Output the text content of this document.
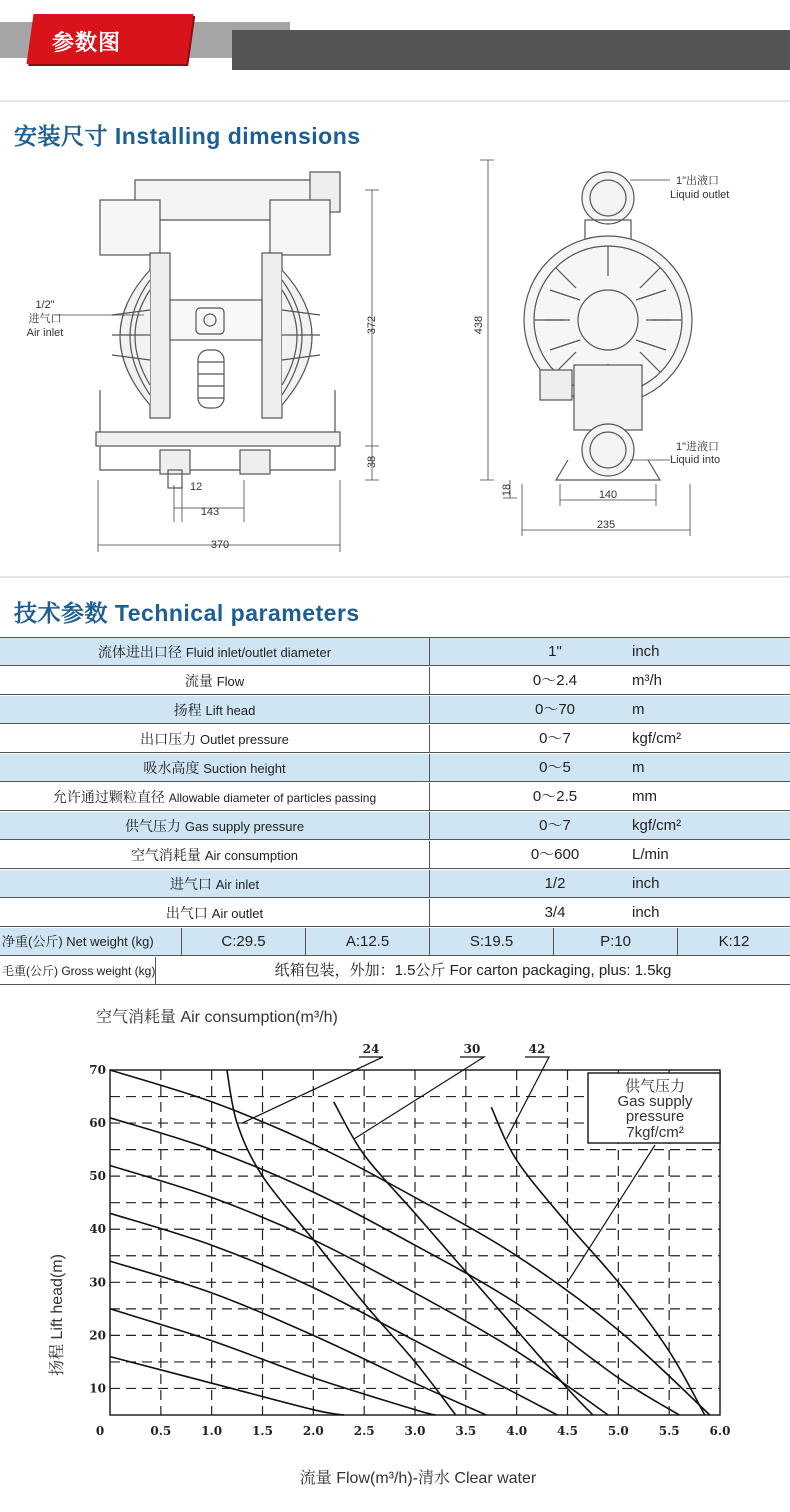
参数图
安装尺寸 Installing dimensions
1/2"
进气口
Air inlet	372
38
12
143
370
438
18	140
235
1"出液口
Liquid outlet
1"进液口
Liquid into
技术参数 Technical parameters
流体进出口径 Fluid inlet/outlet diameter	1"	inch
流量 Flow	0～2.4	m³/h
扬程 Lift head	0～70	m
出口压力 Outlet pressure	0～7	kgf/cm²
吸水高度 Suction height	0～5	m
允许通过颗粒直径 Allowable diameter of particles passing	0～2.5	mm
供气压力 Gas supply pressure	0～7	kgf/cm²
空气消耗量 Air consumption	0～600	L/min
进气口 Air inlet	1/2	inch
出气口 Air outlet	3/4	inch
净重(公斤) Net weight (kg)	C:29.5	A:12.5	S:19.5	P:10	K:12
毛重(公斤) Gross weight (kg)	纸箱包装，外加：1.5公斤 For carton packaging, plus: 1.5kg
空气消耗量 Air consumption(m³/h)
0	0.5 1.0 1.5 2.0 2.5 3.0 3.5 4.0 4.5 5.0 5.5 6.0
10
20
30
40
50
60
70
24	30	42
供气压力
Gas supply
pressure
7kgf/cm²
扬程 Lift head(m)
流量 Flow(m³/h)-清水 Clear water
